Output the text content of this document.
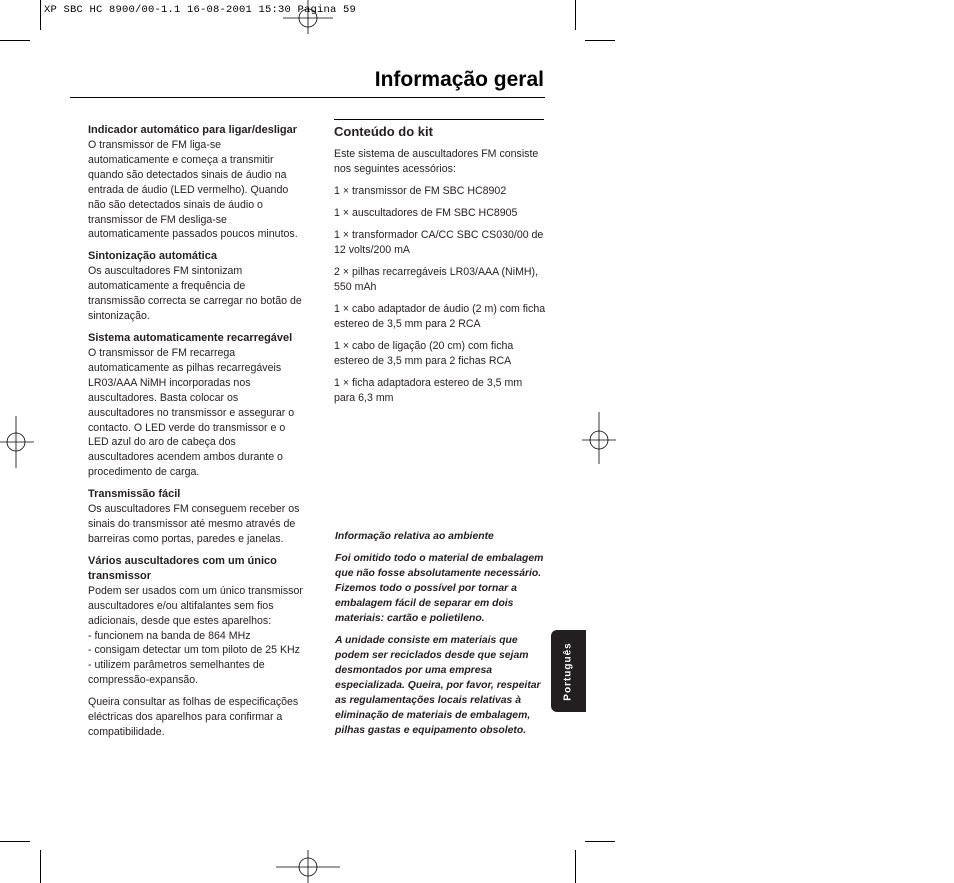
XP SBC HC 8900/00-1.1 16-08-2001 15:30 Pagina 59
Informação geral

Indicador automático para ligar/desligar

O transmissor de FM liga-se automaticamente e começa a transmitir quando são detectados sinais de áudio na entrada de áudio (LED vermelho). Quando não são detectados sinais de áudio o transmissor de FM desliga-se automaticamente passados poucos minutos.

Sintonização automática

Os auscultadores FM sintonizam automaticamente a frequência de transmissão correcta se carregar no botão de sintonização.

Sistema automaticamente recarregável

O transmissor de FM recarrega automaticamente as pilhas recarregáveis LR03/AAA NiMH incorporadas nos auscultadores. Basta colocar os auscultadores no transmissor e assegurar o contacto. O LED verde do transmissor e o LED azul do aro de cabeça dos auscultadores acendem ambos durante o procedimento de carga.

Transmissão fácil

Os auscultadores FM conseguem receber os sinais do transmissor até mesmo através de barreiras como portas, paredes e janelas.

Vários auscultadores com um único transmissor

Podem ser usados com um único transmissor auscultadores e/ou altifalantes sem fios adicionais, desde que estes aparelhos:
- funcionem na banda de 864 MHz
- consigam detectar um tom piloto de 25 KHz
- utilizem parâmetros semelhantes de compressão-expansão.

Queira consultar as folhas de especificações eléctricas dos aparelhos para confirmar a compatibilidade.

Conteúdo do kit

Este sistema de auscultadores FM consiste nos seguintes acessórios:

1 × transmissor de FM SBC HC8902

1 × auscultadores de FM SBC HC8905

1 × transformador CA/CC SBC CS030/00 de 12 volts/200 mA

2 × pilhas recarregáveis LR03/AAA (NiMH), 550 mAh

1 × cabo adaptador de áudio (2 m) com ficha estereo de 3,5 mm para 2 RCA

1 × cabo de ligação (20 cm) com ficha estereo de 3,5 mm para 2 fichas RCA

1 × ficha adaptadora estereo de 3,5 mm para 6,3 mm

Informação relativa ao ambiente

Foi omitido todo o material de embalagem que não fosse absolutamente necessário. Fizemos todo o possível por tornar a embalagem fácil de separar em dois materiais: cartão e polietileno.

A unidade consiste em materiais que podem ser reciclados desde que sejam desmontados por uma empresa especializada. Queira, por favor, respeitar as regulamentações locais relativas à eliminação de materiais de embalagem, pilhas gastas e equipamento obsoleto.

Português
